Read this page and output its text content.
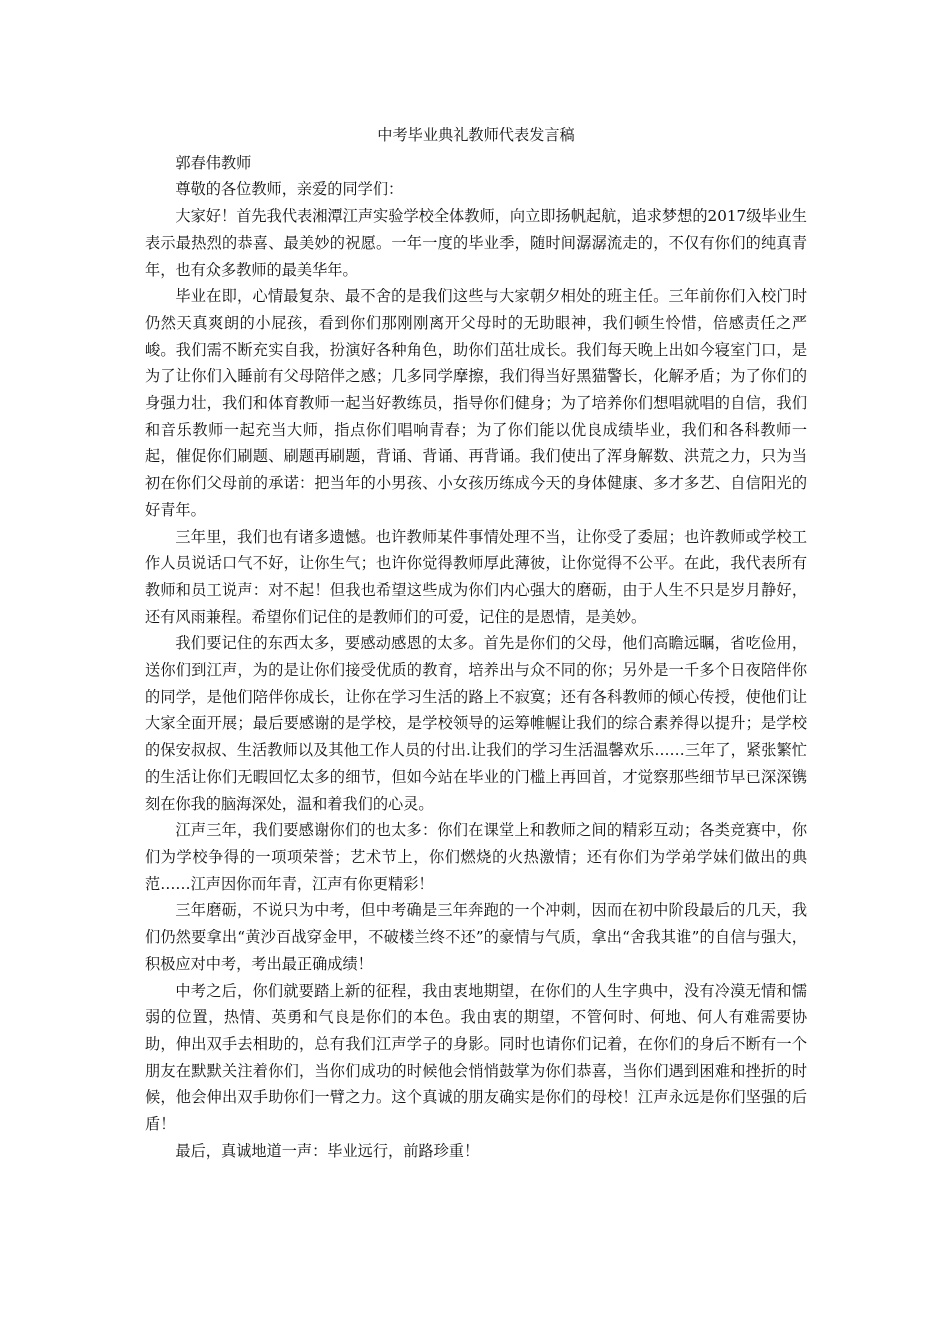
中考毕业典礼教师代表发言稿

郭春伟教师

尊敬的各位教师，亲爱的同学们：

大家好！首先我代表湘潭江声实验学校全体教师，向立即扬帆起航，追求梦想的2017级毕业生表示最热烈的恭喜、最美妙的祝愿。一年一度的毕业季，随时间潺潺流走的，不仅有你们的纯真青年，也有众多教师的最美华年。

毕业在即，心情最复杂、最不舍的是我们这些与大家朝夕相处的班主任。三年前你们入校门时仍然天真爽朗的小屁孩，看到你们那刚刚离开父母时的无助眼神，我们顿生怜惜，倍感责任之严峻。我们需不断充实自我，扮演好各种角色，助你们茁壮成长。我们每天晚上出如今寝室门口，是为了让你们入睡前有父母陪伴之感；几多同学摩擦，我们得当好黑猫警长，化解矛盾；为了你们的身强力壮，我们和体育教师一起当好教练员，指导你们健身；为了培养你们想唱就唱的自信，我们和音乐教师一起充当大师，指点你们唱响青春；为了你们能以优良成绩毕业，我们和各科教师一起，催促你们刷题、刷题再刷题，背诵、背诵、再背诵。我们使出了浑身解数、洪荒之力，只为当初在你们父母前的承诺：把当年的小男孩、小女孩历练成今天的身体健康、多才多艺、自信阳光的好青年。

三年里，我们也有诸多遗憾。也许教师某件事情处理不当，让你受了委屈；也许教师或学校工作人员说话口气不好，让你生气；也许你觉得教师厚此薄彼，让你觉得不公平。在此，我代表所有教师和员工说声：对不起！但我也希望这些成为你们内心强大的磨砺，由于人生不只是岁月静好，还有风雨兼程。希望你们记住的是教师们的可爱，记住的是恩情，是美妙。

我们要记住的东西太多，要感动感恩的太多。首先是你们的父母，他们高瞻远瞩，省吃俭用，送你们到江声，为的是让你们接受优质的教育，培养出与众不同的你；另外是一千多个日夜陪伴你的同学，是他们陪伴你成长，让你在学习生活的路上不寂寞；还有各科教师的倾心传授，使他们让大家全面开展；最后要感谢的是学校，是学校领导的运筹帷幄让我们的综合素养得以提升；是学校的保安叔叔、生活教师以及其他工作人员的付出.让我们的学习生活温馨欢乐……三年了，紧张繁忙的生活让你们无暇回忆太多的细节，但如今站在毕业的门槛上再回首，才觉察那些细节早已深深镌刻在你我的脑海深处，温和着我们的心灵。

江声三年，我们要感谢你们的也太多：你们在课堂上和教师之间的精彩互动；各类竞赛中，你们为学校争得的一项项荣誉；艺术节上，你们燃烧的火热激情；还有你们为学弟学妹们做出的典范……江声因你而年青，江声有你更精彩！

三年磨砺，不说只为中考，但中考确是三年奔跑的一个冲刺，因而在初中阶段最后的几天，我们仍然要拿出“黄沙百战穿金甲，不破楼兰终不还”的豪情与气质，拿出“舍我其谁”的自信与强大，积极应对中考，考出最正确成绩！

中考之后，你们就要踏上新的征程，我由衷地期望，在你们的人生字典中，没有冷漠无情和懦弱的位置，热情、英勇和气良是你们的本色。我由衷的期望，不管何时、何地、何人有难需要协助，伸出双手去相助的，总有我们江声学子的身影。同时也请你们记着，在你们的身后不断有一个朋友在默默关注着你们，当你们成功的时候他会悄悄鼓掌为你们恭喜，当你们遇到困难和挫折的时候，他会伸出双手助你们一臂之力。这个真诚的朋友确实是你们的母校！江声永远是你们坚强的后盾！

最后，真诚地道一声：毕业远行，前路珍重！
